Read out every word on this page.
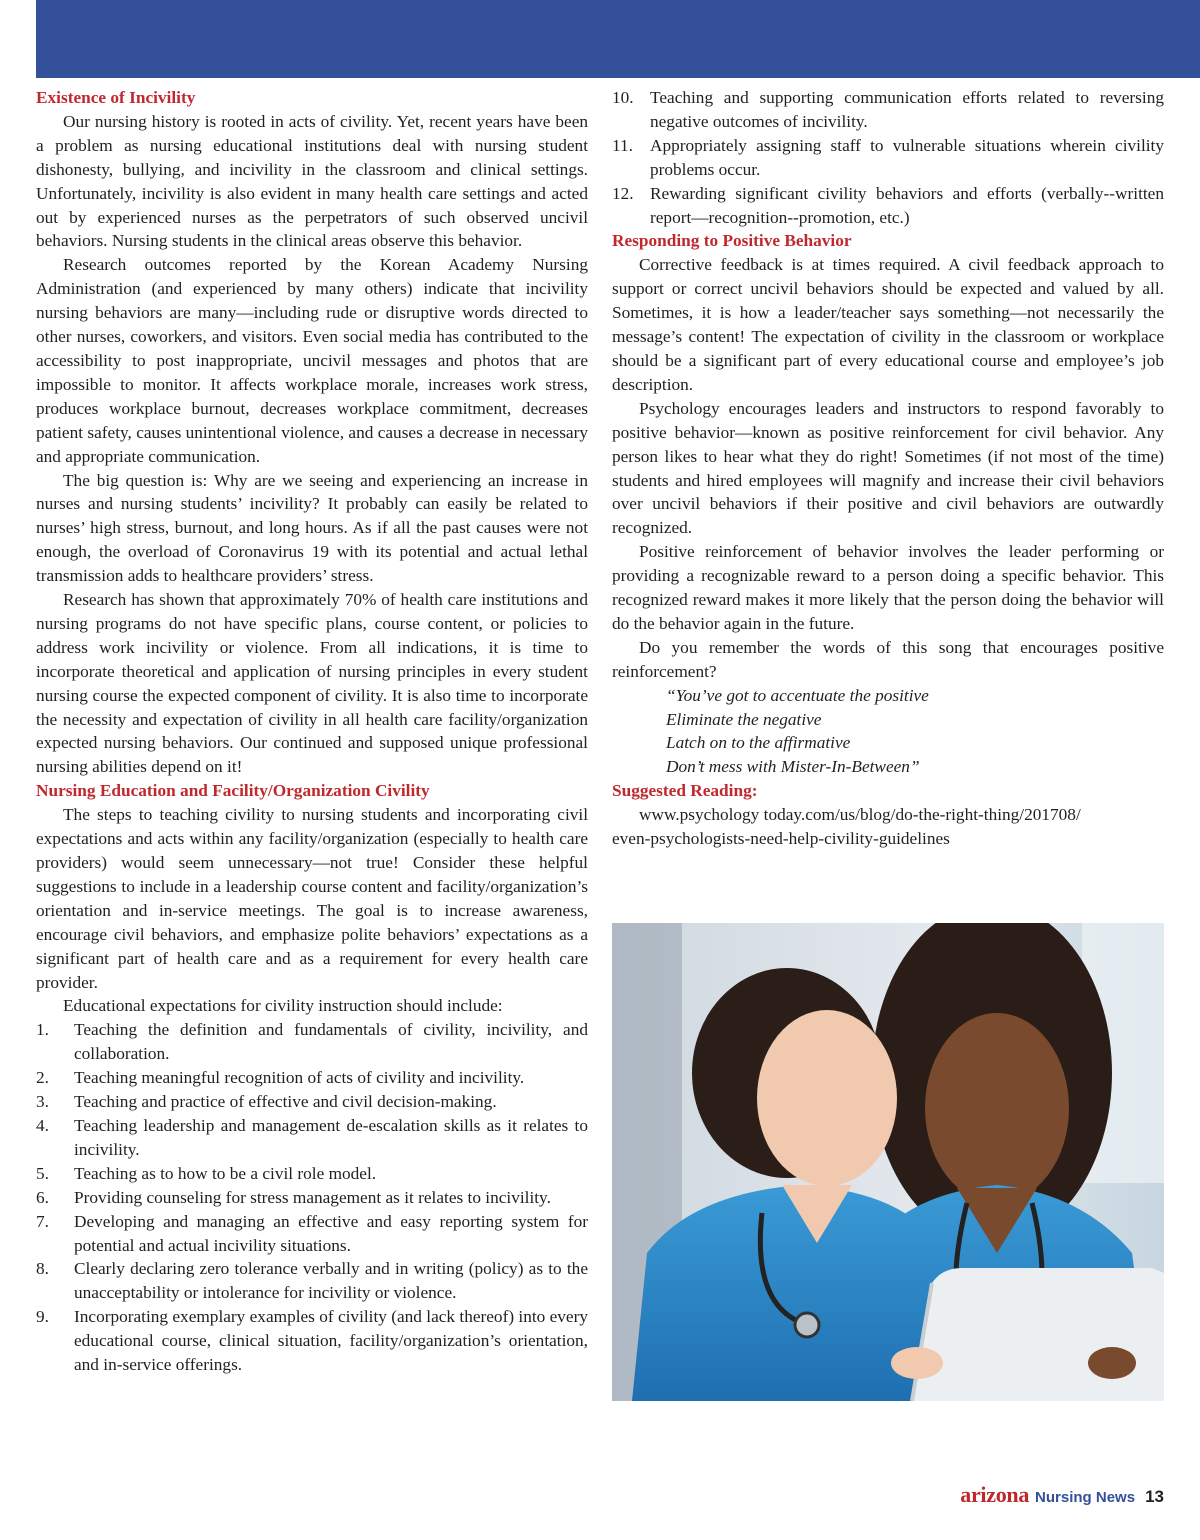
Existence of Incivility

Our nursing history is rooted in acts of civility. Yet, recent years have been a problem as nursing educational institutions deal with nursing student dishonesty, bullying, and incivility in the classroom and clinical settings. Unfortunately, incivility is also evident in many health care settings and acted out by experienced nurses as the perpetrators of such observed uncivil behaviors. Nursing students in the clinical areas observe this behavior.

Research outcomes reported by the Korean Academy Nursing Administration (and experienced by many others) indicate that incivility nursing behaviors are many—including rude or disruptive words directed to other nurses, coworkers, and visitors. Even social media has contributed to the accessibility to post inappropriate, uncivil messages and photos that are impossible to monitor. It affects workplace morale, increases work stress, produces workplace burnout, decreases workplace commitment, decreases patient safety, causes unintentional violence, and causes a decrease in necessary and appropriate communication.

The big question is: Why are we seeing and experiencing an increase in nurses and nursing students’ incivility? It probably can easily be related to nurses’ high stress, burnout, and long hours. As if all the past causes were not enough, the overload of Coronavirus 19 with its potential and actual lethal transmission adds to healthcare providers’ stress.

Research has shown that approximately 70% of health care institutions and nursing programs do not have specific plans, course content, or policies to address work incivility or violence. From all indications, it is time to incorporate theoretical and application of nursing principles in every student nursing course the expected component of civility. It is also time to incorporate the necessity and expectation of civility in all health care facility/organization expected nursing behaviors. Our continued and supposed unique professional nursing abilities depend on it!

Nursing Education and Facility/Organization Civility

The steps to teaching civility to nursing students and incorporating civil expectations and acts within any facility/organization (especially to health care providers) would seem unnecessary—not true! Consider these helpful suggestions to include in a leadership course content and facility/organization’s orientation and in-service meetings. The goal is to increase awareness, encourage civil behaviors, and emphasize polite behaviors’ expectations as a significant part of health care and as a requirement for every health care provider.

Educational expectations for civility instruction should include:

1. Teaching the definition and fundamentals of civility, incivility, and collaboration.
2. Teaching meaningful recognition of acts of civility and incivility.
3. Teaching and practice of effective and civil decision-making.
4. Teaching leadership and management de-escalation skills as it relates to incivility.
5. Teaching as to how to be a civil role model.
6. Providing counseling for stress management as it relates to incivility.
7. Developing and managing an effective and easy reporting system for potential and actual incivility situations.
8. Clearly declaring zero tolerance verbally and in writing (policy) as to the unacceptability or intolerance for incivility or violence.
9. Incorporating exemplary examples of civility (and lack thereof) into every educational course, clinical situation, facility/organization’s orientation, and in-service offerings.
10. Teaching and supporting communication efforts related to reversing negative outcomes of incivility.
11. Appropriately assigning staff to vulnerable situations wherein civility problems occur.
12. Rewarding significant civility behaviors and efforts (verbally--written report—recognition--promotion, etc.)
Responding to Positive Behavior

Corrective feedback is at times required. A civil feedback approach to support or correct uncivil behaviors should be expected and valued by all. Sometimes, it is how a leader/teacher says something—not necessarily the message’s content! The expectation of civility in the classroom or workplace should be a significant part of every educational course and employee’s job description.

Psychology encourages leaders and instructors to respond favorably to positive behavior—known as positive reinforcement for civil behavior. Any person likes to hear what they do right! Sometimes (if not most of the time) students and hired employees will magnify and increase their civil behaviors over uncivil behaviors if their positive and civil behaviors are outwardly recognized.

Positive reinforcement of behavior involves the leader performing or providing a recognizable reward to a person doing a specific behavior. This recognized reward makes it more likely that the person doing the behavior will do the behavior again in the future.

Do you remember the words of this song that encourages positive reinforcement?

“You’ve got to accentuate the positive

Eliminate the negative

Latch on to the affirmative

Don’t mess with Mister-In-Between”

Suggested Reading:

www.psychology today.com/us/blog/do-the-right-thing/201708/

even-psychologists-need-help-civility-guidelines

arizona Nursing News 13
